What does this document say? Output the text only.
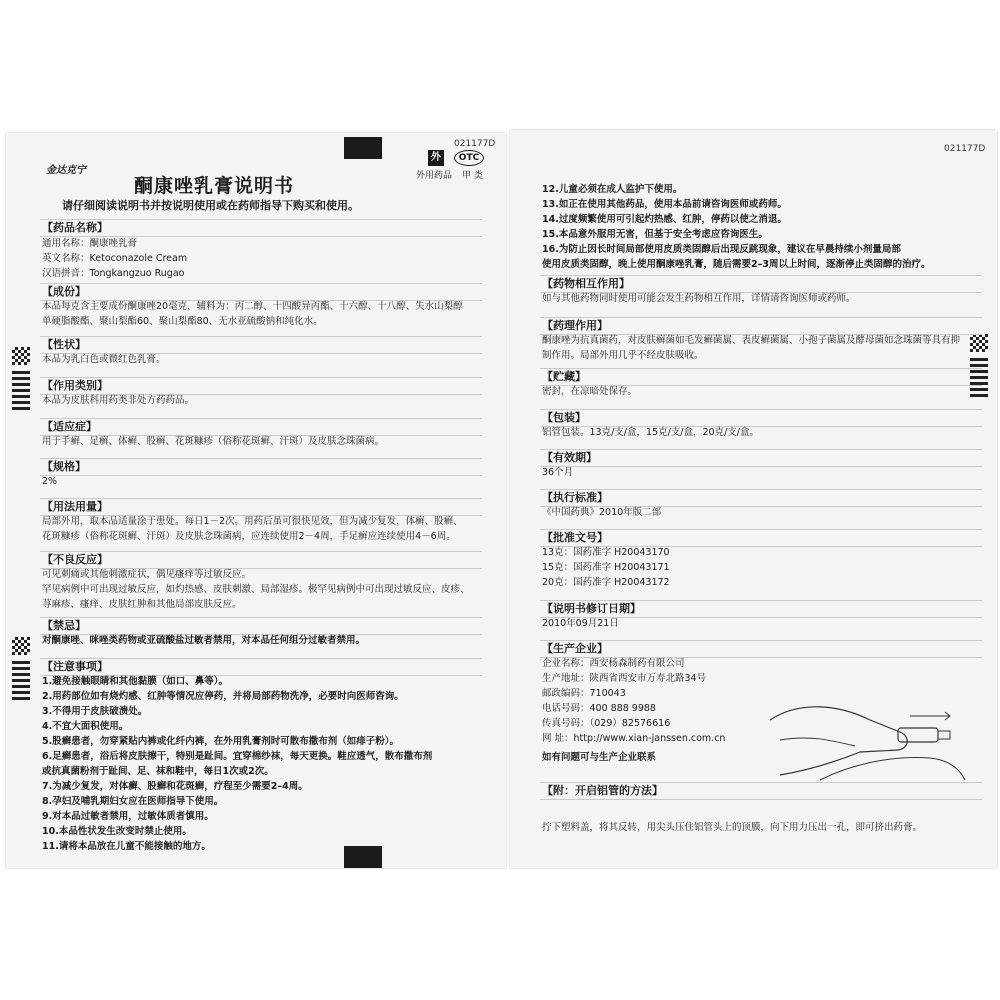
021177D
金达克宁
外	OTC
外用药品 甲 类
酮康唑乳膏说明书
请仔细阅读说明书并按说明使用或在药师指导下购买和使用。
【药品名称】
通用名称：酮康唑乳膏
英文名称：Ketoconazole Cream
汉语拼音：Tongkangzuo Rugao
【成份】
本品每克含主要成份酮康唑20毫克，辅料为：丙二醇、十四酸异丙酯、十六醇、十八醇、失水山梨醇
单硬脂酸酯、聚山梨酯60、聚山梨酯80、无水亚硫酸钠和纯化水。
【性状】
本品为乳白色或微红色乳膏。
【作用类别】
本品为皮肤科用药类非处方药药品。
【适应症】
用于手癣、足癣、体癣、股癣、花斑糠疹（俗称花斑癣、汗斑）及皮肤念珠菌病。
【规格】
2%
【用法用量】
局部外用，取本品适量涂于患处。每日1－2次。用药后虽可很快见效，但为减少复发，体癣、股癣、
花斑糠疹（俗称花斑癣、汗斑）及皮肤念珠菌病，应连续使用2－4周，手足癣应连续使用4－6周。
【不良反应】
可见刺痛或其他刺激症状，偶见瘙痒等过敏反应。
罕见病例中可出现过敏反应，如灼热感、皮肤刺激、局部湿疹。极罕见病例中可出现过敏反应、皮疹、
荨麻疹、瘙痒、皮肤红肿和其他局部皮肤反应。
【禁忌】
对酮康唑、咪唑类药物或亚硫酸盐过敏者禁用，对本品任何组分过敏者禁用。
【注意事项】
1.避免接触眼睛和其他黏膜（如口、鼻等）。
2.用药部位如有烧灼感、红肿等情况应停药，并将局部药物洗净，必要时向医师咨询。
3.不得用于皮肤破溃处。
4.不宜大面积使用。
5.股癣患者，勿穿紧贴内裤或化纤内裤，在外用乳膏剂时可散布撒布剂（如痱子粉）。
6.足癣患者，浴后将皮肤擦干，特别是趾间。宜穿棉纱袜，每天更换。鞋应透气，散布撒布剂
或抗真菌粉剂于趾间、足、袜和鞋中，每日1次或2次。
7.为减少复发，对体癣、股癣和花斑癣，疗程至少需要2–4周。
8.孕妇及哺乳期妇女应在医师指导下使用。
9.对本品过敏者禁用，过敏体质者慎用。
10.本品性状发生改变时禁止使用。
11.请将本品放在儿童不能接触的地方。
021177D
12.儿童必须在成人监护下使用。
13.如正在使用其他药品，使用本品前请咨询医师或药师。
14.过度频繁使用可引起灼热感、红肿，停药以使之消退。
15.本品意外服用无害，但基于安全考虑应咨询医生。
16.为防止因长时间局部使用皮质类固醇后出现反跳现象，建议在早晨持续小剂量局部
使用皮质类固醇，晚上使用酮康唑乳膏，随后需要2–3周以上时间，逐渐停止类固醇的治疗。
【药物相互作用】
如与其他药物同时使用可能会发生药物相互作用，详情请咨询医师或药师。
【药理作用】
酮康唑为抗真菌药，对皮肤癣菌如毛发癣菌属、表皮癣菌属、小孢子菌属及酵母菌如念珠菌等具有抑
制作用。局部外用几乎不经皮肤吸收。
【贮藏】
密封，在凉暗处保存。
【包装】
铝管包装。13克/支/盒，15克/支/盒，20克/支/盒。
【有效期】
36个月
【执行标准】
《中国药典》2010年版二部
【批准文号】
13克：国药准字 H20043170
15克：国药准字 H20043171
20克：国药准字 H20043172
【说明书修订日期】
2010年09月21日
【生产企业】
企业名称：西安杨森制药有限公司
生产地址：陕西省西安市万寿北路34号
邮政编码：710043
电话号码：400 888 9988
传真号码：（029）82576616
网 址：http://www.xian-janssen.com.cn
如有问题可与生产企业联系
【附：开启铝管的方法】
拧下塑料盖，将其反转，用尖头压住铝管头上的顶膜，向下用力压出一孔，即可挤出药膏。
